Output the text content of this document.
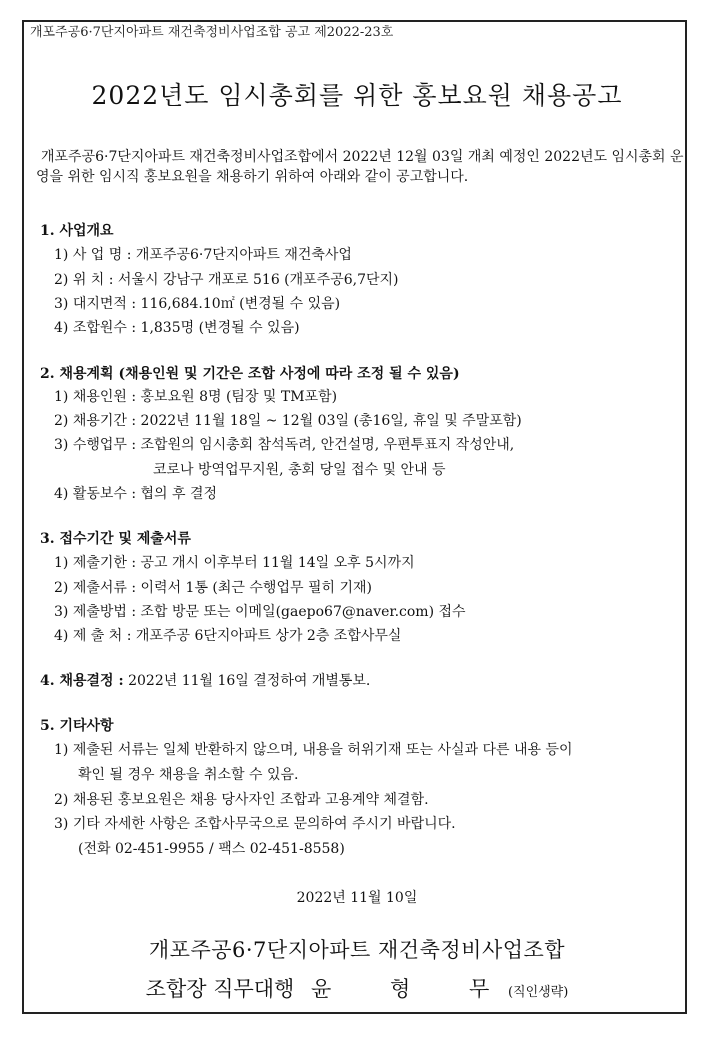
개포주공6·7단지아파트 재건축정비사업조합 공고 제2022-23호
2022년도 임시총회를 위한 홍보요원 채용공고
개포주공6·7단지아파트 재건축정비사업조합에서 2022년 12월 03일 개최 예정인 2022년도 임시총회 운영을 위한 임시직 홍보요원을 채용하기 위하여 아래와 같이 공고합니다.
1. 사업개요
1) 사 업 명 : 개포주공6·7단지아파트 재건축사업
2) 위 치 : 서울시 강남구 개포로 516 (개포주공6,7단지)
3) 대지면적 : 116,684.10㎡ (변경될 수 있음)
4) 조합원수 : 1,835명 (변경될 수 있음)
2. 채용계획 (채용인원 및 기간은 조합 사정에 따라 조정 될 수 있음)
1) 채용인원 : 홍보요원 8명 (팀장 및 TM포함)
2) 채용기간 : 2022년 11월 18일 ~ 12월 03일 (총16일, 휴일 및 주말포함)
3) 수행업무 : 조합원의 임시총회 참석독려, 안건설명, 우편투표지 작성안내,
코로나 방역업무지원, 총회 당일 접수 및 안내 등
4) 활동보수 : 협의 후 결정
3. 접수기간 및 제출서류
1) 제출기한 : 공고 개시 이후부터 11월 14일 오후 5시까지
2) 제출서류 : 이력서 1통 (최근 수행업무 필히 기재)
3) 제출방법 : 조합 방문 또는 이메일(gaepo67@naver.com) 접수
4) 제 출 처 : 개포주공 6단지아파트 상가 2층 조합사무실
4. 채용결정 : 2022년 11월 16일 결정하여 개별통보.
5. 기타사항
1) 제출된 서류는 일체 반환하지 않으며, 내용을 허위기재 또는 사실과 다른 내용 등이
확인 될 경우 채용을 취소할 수 있음.
2) 채용된 홍보요원은 채용 당사자인 조합과 고용계약 체결함.
3) 기타 자세한 사항은 조합사무국으로 문의하여 주시기 바랍니다.
(전화 02-451-9955 / 팩스 02-451-8558)
2022년 11월 10일
개포주공6·7단지아파트 재건축정비사업조합
조합장 직무대행 윤 형 무 (직인생략)
